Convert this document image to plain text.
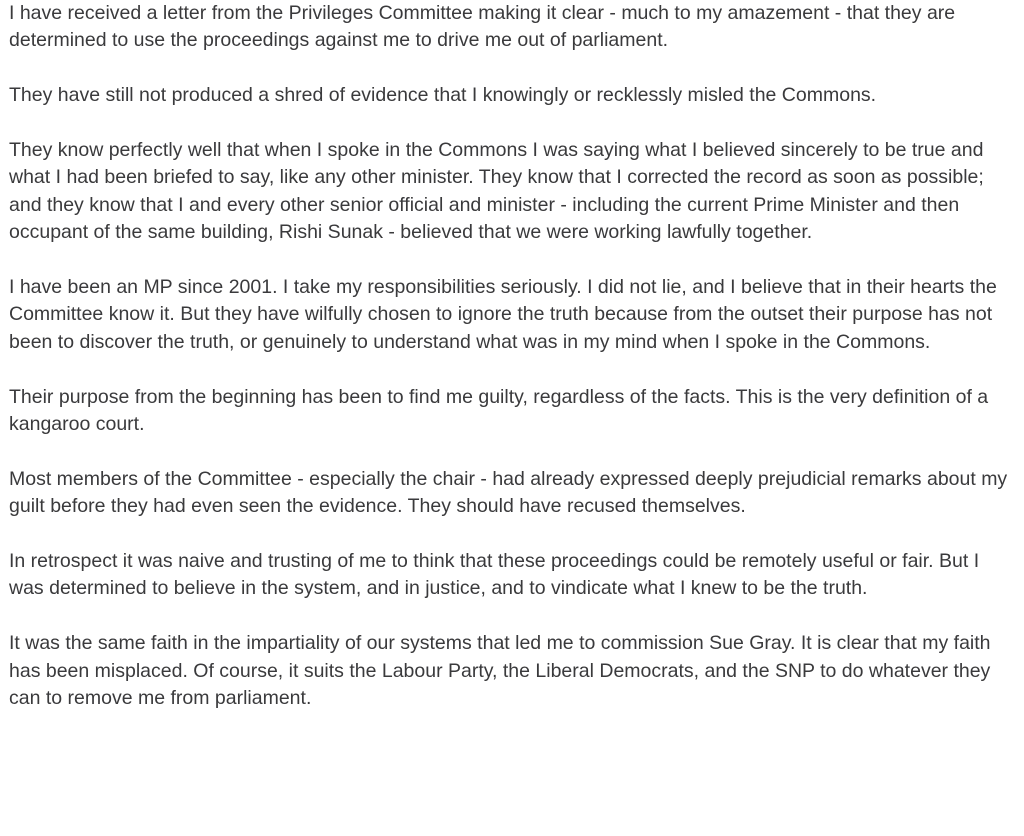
I have received a letter from the Privileges Committee making it clear - much to my amazement - that they are determined to use the proceedings against me to drive me out of parliament.

They have still not produced a shred of evidence that I knowingly or recklessly misled the Commons.

They know perfectly well that when I spoke in the Commons I was saying what I believed sincerely to be true and what I had been briefed to say, like any other minister. They know that I corrected the record as soon as possible; and they know that I and every other senior official and minister - including the current Prime Minister and then occupant of the same building, Rishi Sunak - believed that we were working lawfully together.

I have been an MP since 2001. I take my responsibilities seriously. I did not lie, and I believe that in their hearts the Committee know it. But they have wilfully chosen to ignore the truth because from the outset their purpose has not been to discover the truth, or genuinely to understand what was in my mind when I spoke in the Commons.

Their purpose from the beginning has been to find me guilty, regardless of the facts. This is the very definition of a kangaroo court.

Most members of the Committee - especially the chair - had already expressed deeply prejudicial remarks about my guilt before they had even seen the evidence. They should have recused themselves.

In retrospect it was naive and trusting of me to think that these proceedings could be remotely useful or fair. But I was determined to believe in the system, and in justice, and to vindicate what I knew to be the truth.

It was the same faith in the impartiality of our systems that led me to commission Sue Gray. It is clear that my faith has been misplaced. Of course, it suits the Labour Party, the Liberal Democrats, and the SNP to do whatever they can to remove me from parliament.
